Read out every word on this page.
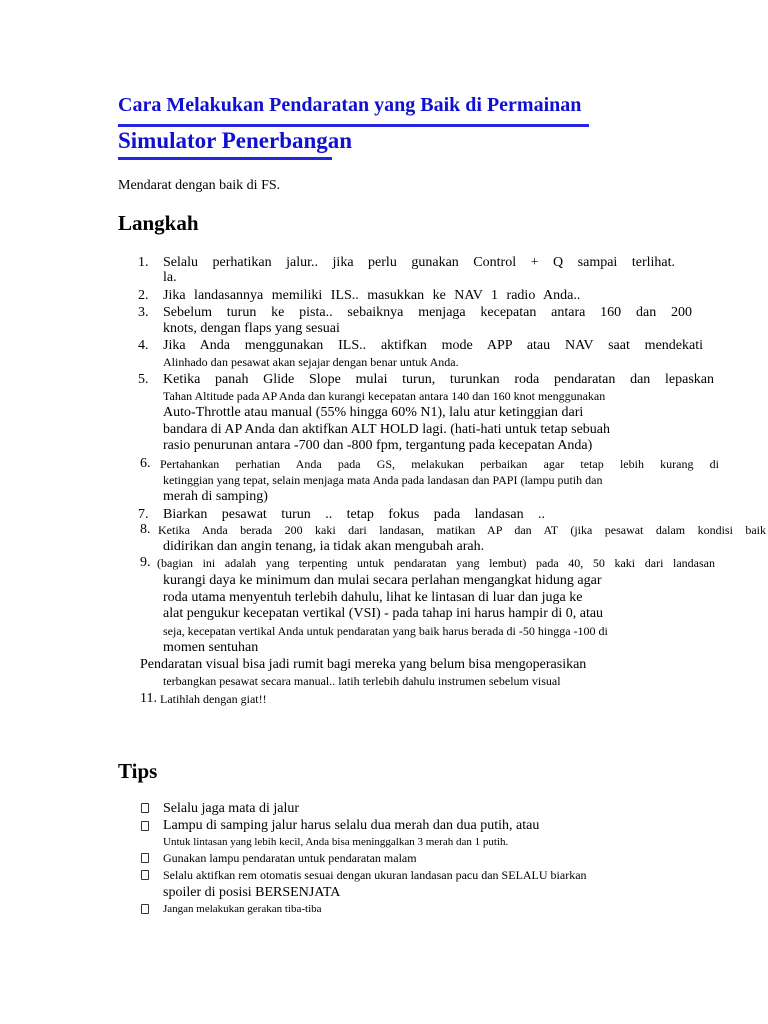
Cara Melakukan Pendaratan yang Baik di Permainan
Simulator Penerbangan
Mendarat dengan baik di FS.
Langkah
1. Selalu perhatikan jalur.. jika perlu gunakan Control + Q sampai terlihat.
la.
2. Jika landasannya memiliki ILS.. masukkan ke NAV 1 radio Anda..
3. Sebelum turun ke pista.. sebaiknya menjaga kecepatan antara 160 dan 200
knots, dengan flaps yang sesuai
4. Jika Anda menggunakan ILS.. aktifkan mode APP atau NAV saat mendekati
Alinhado dan pesawat akan sejajar dengan benar untuk Anda.
5. Ketika panah Glide Slope mulai turun, turunkan roda pendaratan dan lepaskan
Tahan Altitude pada AP Anda dan kurangi kecepatan antara 140 dan 160 knot menggunakan
Auto-Throttle atau manual (55% hingga 60% N1), lalu atur ketinggian dari
bandara di AP Anda dan aktifkan ALT HOLD lagi. (hati-hati untuk tetap sebuah
rasio penurunan antara -700 dan -800 fpm, tergantung pada kecepatan Anda)
6. Pertahankan perhatian Anda pada GS, melakukan perbaikan agar tetap lebih kurang di
ketinggian yang tepat, selain menjaga mata Anda pada landasan dan PAPI (lampu putih dan
merah di samping)
7. Biarkan pesawat turun .. tetap fokus pada landasan ..
8. Ketika Anda berada 200 kaki dari landasan, matikan AP dan AT (jika pesawat dalam kondisi baik
didirikan dan angin tenang, ia tidak akan mengubah arah.
9. (bagian ini adalah yang terpenting untuk pendaratan yang lembut) pada 40, 50 kaki dari landasan
kurangi daya ke minimum dan mulai secara perlahan mengangkat hidung agar
roda utama menyentuh terlebih dahulu, lihat ke lintasan di luar dan juga ke
alat pengukur kecepatan vertikal (VSI) - pada tahap ini harus hampir di 0, atau
seja, kecepatan vertikal Anda untuk pendaratan yang baik harus berada di -50 hingga -100 di
momen sentuhan
Pendaratan visual bisa jadi rumit bagi mereka yang belum bisa mengoperasikan
terbangkan pesawat secara manual.. latih terlebih dahulu instrumen sebelum visual
11. Latihlah dengan giat!!
Tips
Selalu jaga mata di jalur
Lampu di samping jalur harus selalu dua merah dan dua putih, atau
Untuk lintasan yang lebih kecil, Anda bisa meninggalkan 3 merah dan 1 putih.
Gunakan lampu pendaratan untuk pendaratan malam
Selalu aktifkan rem otomatis sesuai dengan ukuran landasan pacu dan SELALU biarkan
spoiler di posisi BERSENJATA
Jangan melakukan gerakan tiba-tiba
